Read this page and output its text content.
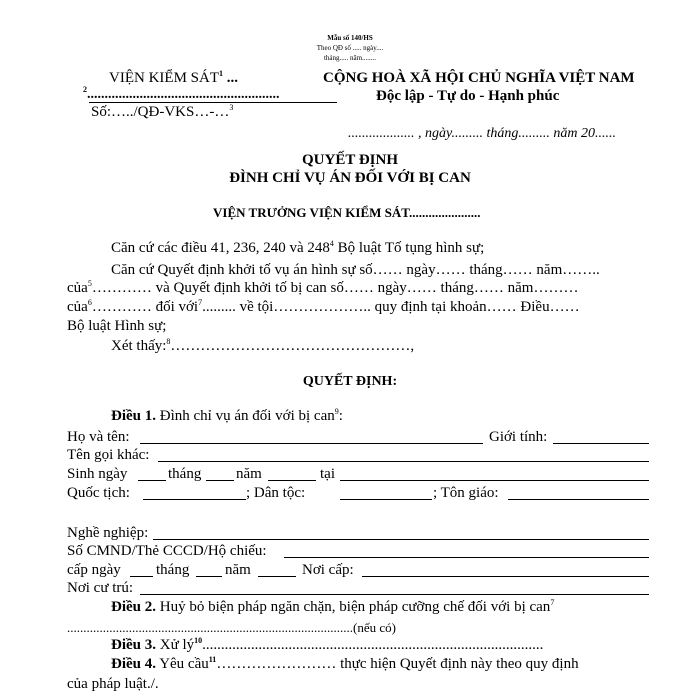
Mẫu số 140/HS
Theo QĐ số ..... ngày....
tháng..... năm........
VIỆN KIỂM SÁT$^1$ ...
$^2$.......................................................
Số:…../QĐ-VKS…-…$^3$
CỘNG HOÀ XÃ HỘI CHỦ NGHĨA VIỆT NAM
Độc lập - Tự do - Hạnh phúc
................... , ngày......... tháng......... năm 20......
QUYẾT ĐỊNH
ĐÌNH CHỈ VỤ ÁN ĐỐI VỚI BỊ CAN
VIỆN TRƯỞNG VIỆN KIỂM SÁT......................
Căn cứ các điều 41, 236, 240 và $248^4$ Bộ luật Tố tụng hình sự;
Căn cứ Quyết định khởi tố vụ án hình sự số…… ngày…… tháng…… năm……..
của$^5$………… và Quyết định khởi tố bị can số…… ngày…… tháng…… năm………
của$^6$………… đối với$^7$......... về tội……………….. quy định tại khoản…… Điều……
Bộ luật Hình sự;
Xét thấy:$^8$…………………………………………,
QUYẾT ĐỊNH:
Điều 1. Đình chỉ vụ án đối với bị can$^9$:
Họ và tên:	Giới tính:
Tên gọi khác:
Sinh ngày	tháng năm	tại
Quốc tịch:	; Dân tộc:	; Tôn giáo:
Nghề nghiệp:
Số CMND/Thẻ CCCD/Hộ chiếu:
cấp ngày tháng năm	Nơi cấp:
Nơi cư trú:
Điều 2. Huỷ bỏ biện pháp ngăn chặn, biện pháp cưỡng chế đối với bị can$^7$
........................................................................................(nếu có)
Điều 3. Xử $lý^{10}$...........................................................................................
Điều 4. Yêu cầu$^{11}$…………………… thực hiện Quyết định này theo quy định
của pháp luật./.
